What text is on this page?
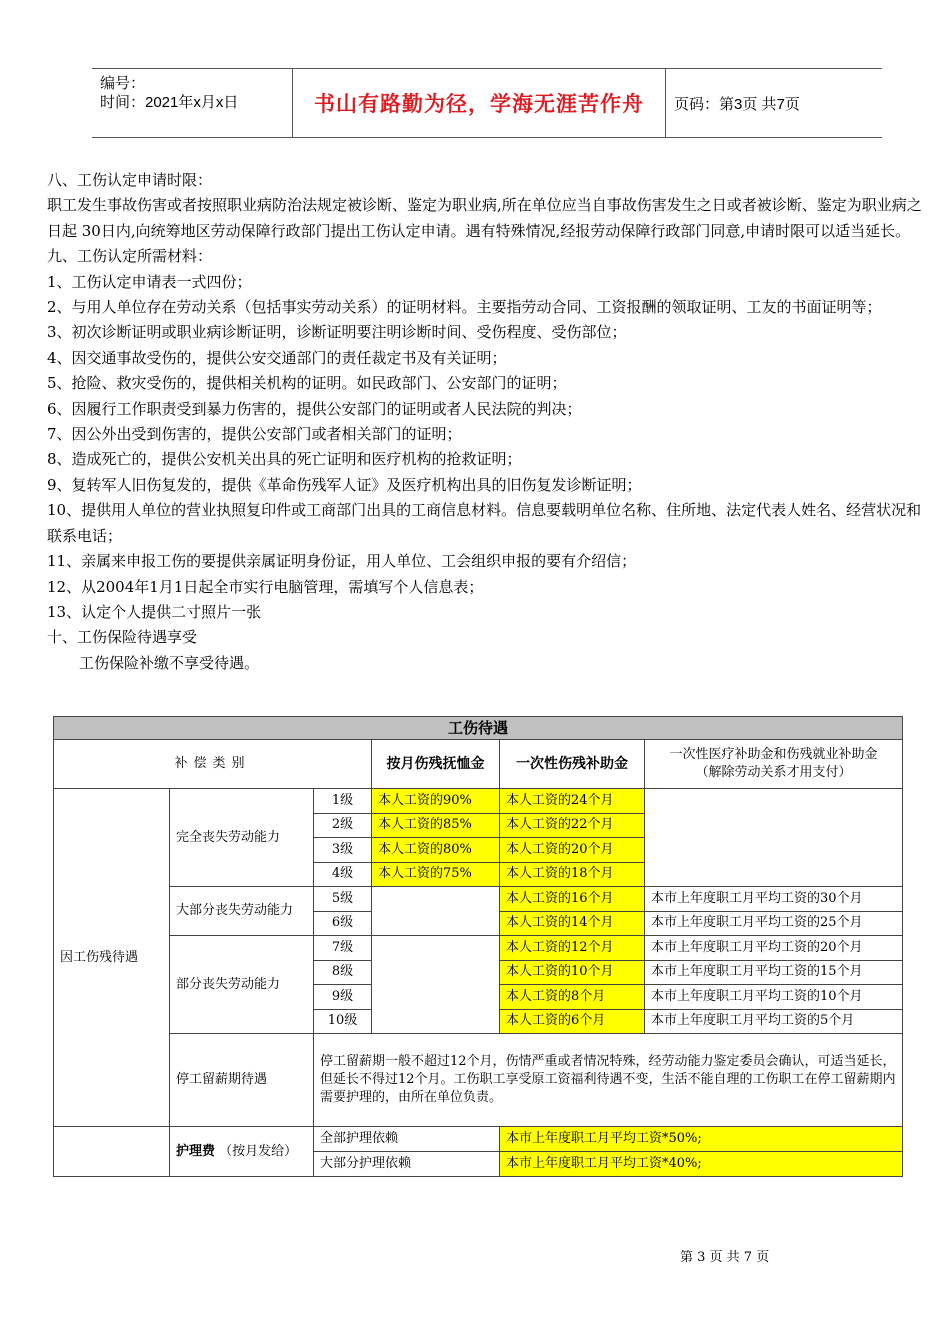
编号：
时间：2021年x月x日	书山有路勤为径，学海无涯苦作舟	页码：第3页 共7页

八、工伤认定申请时限：

职工发生事故伤害或者按照职业病防治法规定被诊断、鉴定为职业病,所在单位应当自事故伤害发生之日或者被诊断、鉴定为职业病之日起 30日内,向统筹地区劳动保障行政部门提出工伤认定申请。遇有特殊情况,经报劳动保障行政部门同意,申请时限可以适当延长。

九、工伤认定所需材料：

1、工伤认定申请表一式四份；

2、与用人单位存在劳动关系（包括事实劳动关系）的证明材料。主要指劳动合同、工资报酬的领取证明、工友的书面证明等；

3、初次诊断证明或职业病诊断证明，诊断证明要注明诊断时间、受伤程度、受伤部位；

4、因交通事故受伤的，提供公安交通部门的责任裁定书及有关证明；

5、抢险、救灾受伤的，提供相关机构的证明。如民政部门、公安部门的证明；

6、因履行工作职责受到暴力伤害的，提供公安部门的证明或者人民法院的判决；

7、因公外出受到伤害的，提供公安部门或者相关部门的证明；

8、造成死亡的，提供公安机关出具的死亡证明和医疗机构的抢救证明；

9、复转军人旧伤复发的，提供《革命伤残军人证》及医疗机构出具的旧伤复发诊断证明；

10、提供用人单位的营业执照复印件或工商部门出具的工商信息材料。信息要载明单位名称、住所地、法定代表人姓名、经营状况和联系电话；

11、亲属来申报工伤的要提供亲属证明身份证，用人单位、工会组织申报的要有介绍信；

12、从2004年1月1日起全市实行电脑管理，需填写个人信息表；

13、认定个人提供二寸照片一张

十、工伤保险待遇享受

工伤保险补缴不享受待遇。

工伤待遇					
补偿类别			按月伤残抚恤金	一次性伤残补助金	一次性医疗补助金和伤残就业补助金
（解除劳动关系才用支付）

因工伤残待遇	完全丧失劳动能力	1级	本人工资的90%	本人工资的24个月	
		2级	本人工资的85%	本人工资的22个月	
		3级	本人工资的80%	本人工资的20个月	
		4级	本人工资的75%	本人工资的18个月	
	大部分丧失劳动能力	5级		本人工资的16个月	本市上年度职工月平均工资的30个月
		6级		本人工资的14个月	本市上年度职工月平均工资的25个月
	部分丧失劳动能力	7级		本人工资的12个月	本市上年度职工月平均工资的20个月
		8级		本人工资的10个月	本市上年度职工月平均工资的15个月
		9级		本人工资的8个月	本市上年度职工月平均工资的10个月
		10级		本人工资的6个月	本市上年度职工月平均工资的5个月
	停工留薪期待遇	停工留薪期一般不超过12个月，伤情严重或者情况特殊，经劳动能力鉴定委员会确认，可适当延长，但延长不得过12个月。工伤职工享受原工资福利待遇不变，生活不能自理的工伤职工在停工留薪期内需要护理的，由所在单位负责。			
	护理费 （按月发给）	全部护理依赖		本市上年度职工月平均工资*50%;	
		大部分护理依赖		本市上年度职工月平均工资*40%;	
第 3 页 共 7 页
